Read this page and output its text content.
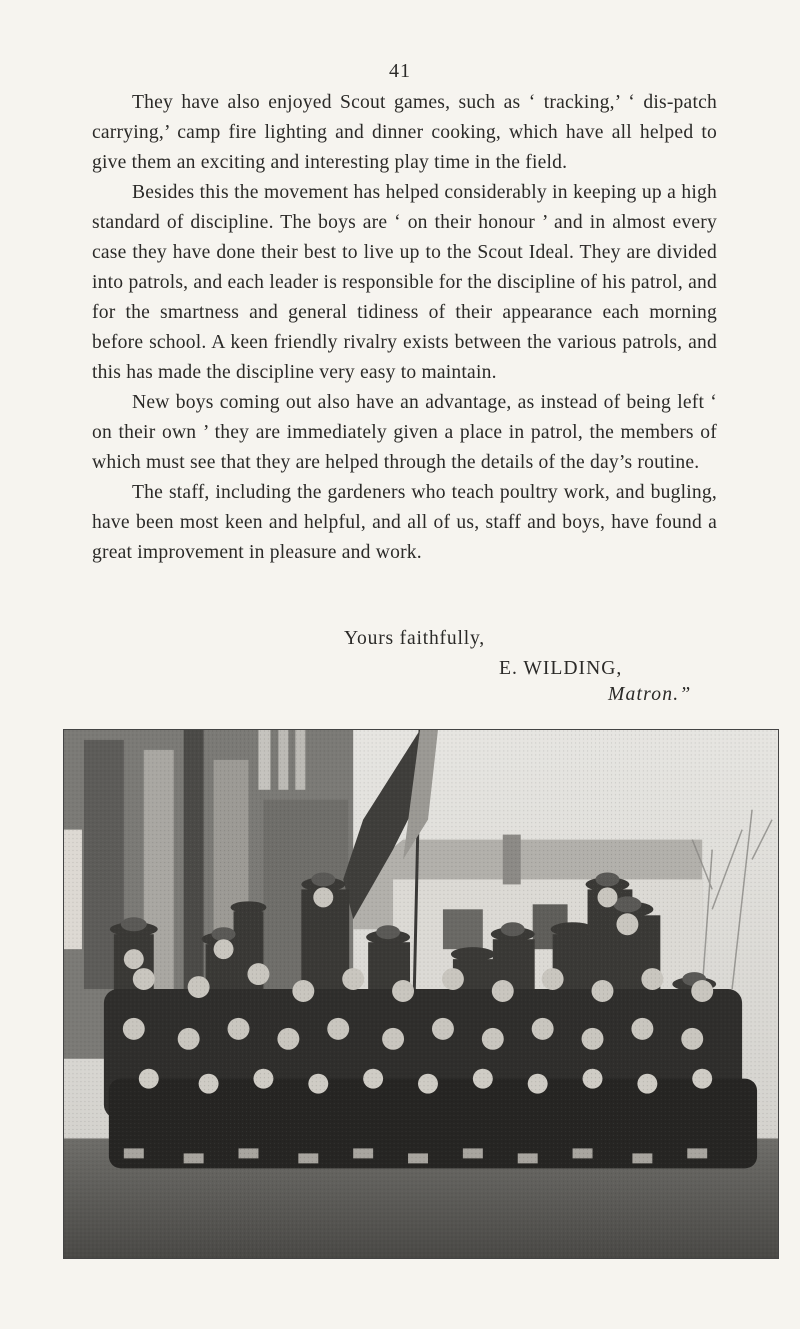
41

They have also enjoyed Scout games, such as ‘ tracking,’ ‘ dis-patch carrying,’ camp fire lighting and dinner cooking, which have all helped to give them an exciting and interesting play time in the field.

Besides this the movement has helped considerably in keeping up a high standard of discipline. The boys are ‘ on their honour ’ and in almost every case they have done their best to live up to the Scout Ideal. They are divided into patrols, and each leader is responsible for the discipline of his patrol, and for the smartness and general tidiness of their appearance each morning before school. A keen friendly rivalry exists between the various patrols, and this has made the discipline very easy to maintain.

New boys coming out also have an advantage, as instead of being left ‘ on their own ’ they are immediately given a place in patrol, the members of which must see that they are helped through the details of the day’s routine.

The staff, including the gardeners who teach poultry work, and bugling, have been most keen and helpful, and all of us, staff and boys, have found a great improvement in pleasure and work.

Yours faithfully,
E. WILDING,
Matron.”
